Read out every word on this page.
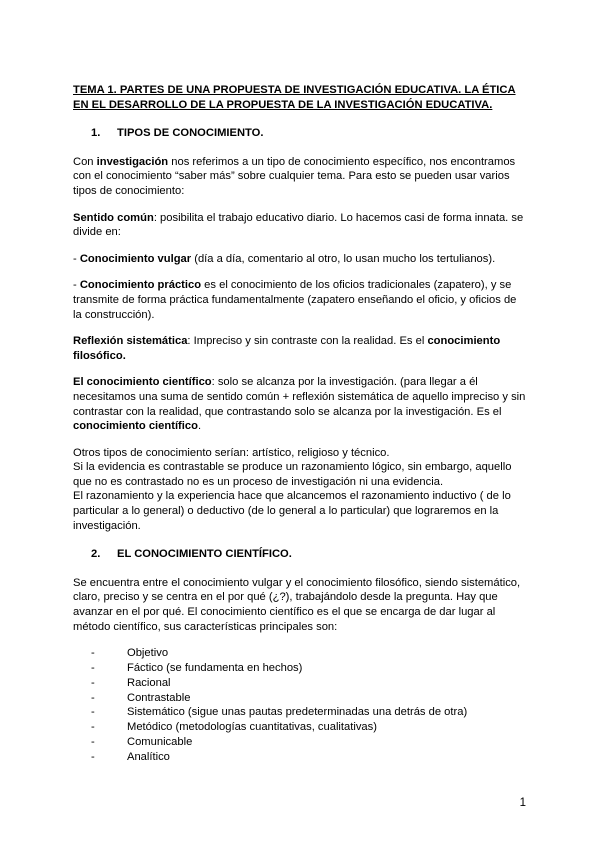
TEMA 1. PARTES DE UNA PROPUESTA DE INVESTIGACIÓN EDUCATIVA. LA ÉTICA
EN EL DESARROLLO DE LA PROPUESTA DE LA INVESTIGACIÓN EDUCATIVA.

1.	TIPOS DE CONOCIMIENTO.

Con investigación nos referimos a un tipo de conocimiento específico, nos encontramos con el conocimiento “saber más” sobre cualquier tema. Para esto se pueden usar varios tipos de conocimiento:

Sentido común: posibilita el trabajo educativo diario. Lo hacemos casi de forma innata. se divide en:

- Conocimiento vulgar (día a día, comentario al otro, lo usan mucho los tertulianos).

- Conocimiento práctico es el conocimiento de los oficios tradicionales (zapatero), y se transmite de forma práctica fundamentalmente (zapatero enseñando el oficio, y oficios de la construcción).

Reflexión sistemática: Impreciso y sin contraste con la realidad. Es el conocimiento filosófico.

El conocimiento científico: solo se alcanza por la investigación. (para llegar a él necesitamos una suma de sentido común + reflexión sistemática de aquello impreciso y sin contrastar con la realidad, que contrastando solo se alcanza por la investigación. Es el conocimiento científico.

Otros tipos de conocimiento serían: artístico, religioso y técnico.
Si la evidencia es contrastable se produce un razonamiento lógico, sin embargo, aquello que no es contrastado no es un proceso de investigación ni una evidencia.
El razonamiento y la experiencia hace que alcancemos el razonamiento inductivo ( de lo particular a lo general) o deductivo (de lo general a lo particular) que lograremos en la investigación.

2.	EL CONOCIMIENTO CIENTÍFICO.

Se encuentra entre el conocimiento vulgar y el conocimiento filosófico, siendo sistemático, claro, preciso y se centra en el por qué (¿?), trabajándolo desde la pregunta. Hay que avanzar en el por qué. El conocimiento científico es el que se encarga de dar lugar al método científico, sus características principales son:

-	Objetivo
-	Fáctico (se fundamenta en hechos)
-	Racional
-	Contrastable
-	Sistemático (sigue unas pautas predeterminadas una detrás de otra)
-	Metódico (metodologías cuantitativas, cualitativas)
-	Comunicable
-	Analítico
1
